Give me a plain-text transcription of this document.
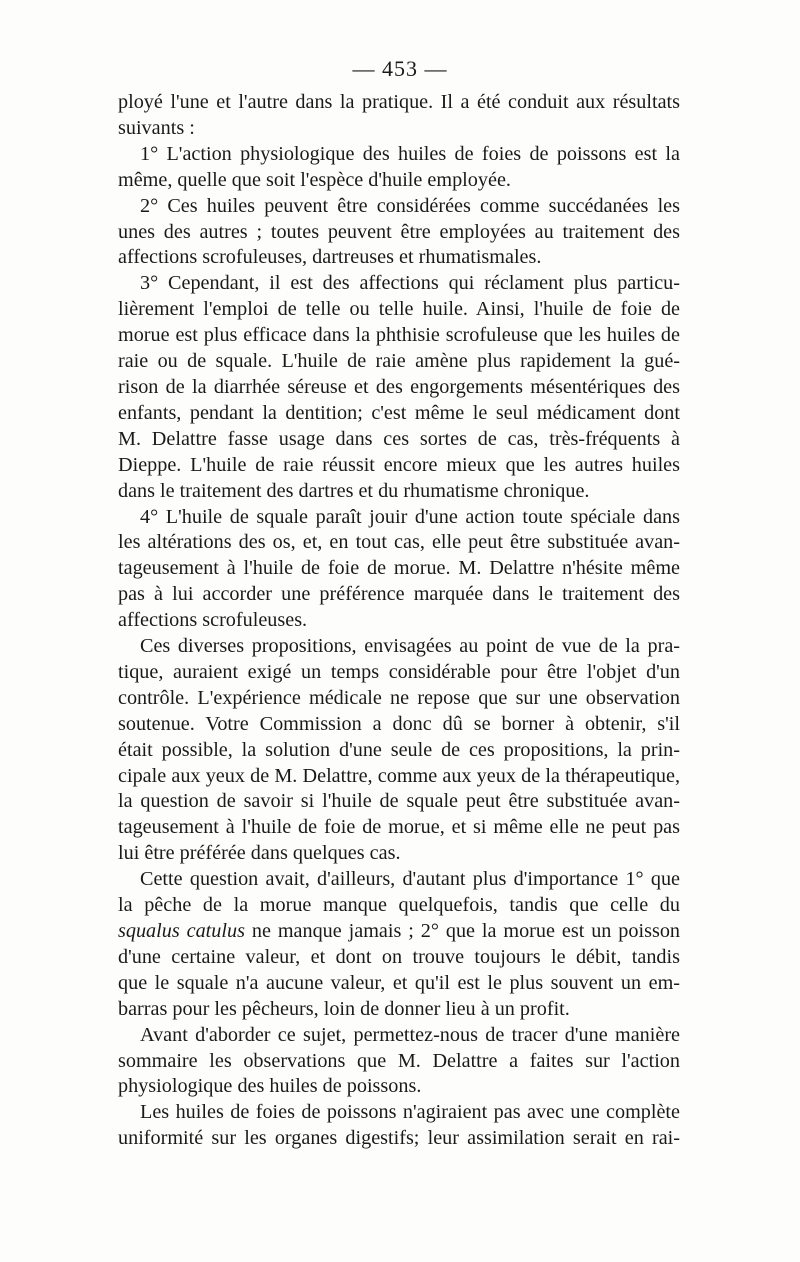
— 453 —

ployé l'une et l'autre dans la pratique. Il a été conduit aux résultats

suivants :

1° L'action physiologique des huiles de foies de poissons est la

même, quelle que soit l'espèce d'huile employée.

2° Ces huiles peuvent être considérées comme succédanées les

unes des autres ; toutes peuvent être employées au traitement des

affections scrofuleuses, dartreuses et rhumatismales.

3° Cependant, il est des affections qui réclament plus particu-

lièrement l'emploi de telle ou telle huile. Ainsi, l'huile de foie de

morue est plus efficace dans la phthisie scrofuleuse que les huiles de

raie ou de squale. L'huile de raie amène plus rapidement la gué-

rison de la diarrhée séreuse et des engorgements mésentériques des

enfants, pendant la dentition; c'est même le seul médicament dont

M. Delattre fasse usage dans ces sortes de cas, très-fréquents à

Dieppe. L'huile de raie réussit encore mieux que les autres huiles

dans le traitement des dartres et du rhumatisme chronique.

4° L'huile de squale paraît jouir d'une action toute spéciale dans

les altérations des os, et, en tout cas, elle peut être substituée avan-

tageusement à l'huile de foie de morue. M. Delattre n'hésite même

pas à lui accorder une préférence marquée dans le traitement des

affections scrofuleuses.

Ces diverses propositions, envisagées au point de vue de la pra-

tique, auraient exigé un temps considérable pour être l'objet d'un

contrôle. L'expérience médicale ne repose que sur une observation

soutenue. Votre Commission a donc dû se borner à obtenir, s'il

était possible, la solution d'une seule de ces propositions, la prin-

cipale aux yeux de M. Delattre, comme aux yeux de la thérapeutique,

la question de savoir si l'huile de squale peut être substituée avan-

tageusement à l'huile de foie de morue, et si même elle ne peut pas

lui être préférée dans quelques cas.

Cette question avait, d'ailleurs, d'autant plus d'importance 1° que

la pêche de la morue manque quelquefois, tandis que celle du

squalus catulus ne manque jamais ; 2° que la morue est un poisson

d'une certaine valeur, et dont on trouve toujours le débit, tandis

que le squale n'a aucune valeur, et qu'il est le plus souvent un em-

barras pour les pêcheurs, loin de donner lieu à un profit.

Avant d'aborder ce sujet, permettez-nous de tracer d'une manière

sommaire les observations que M. Delattre a faites sur l'action

physiologique des huiles de poissons.

Les huiles de foies de poissons n'agiraient pas avec une complète

uniformité sur les organes digestifs; leur assimilation serait en rai-
